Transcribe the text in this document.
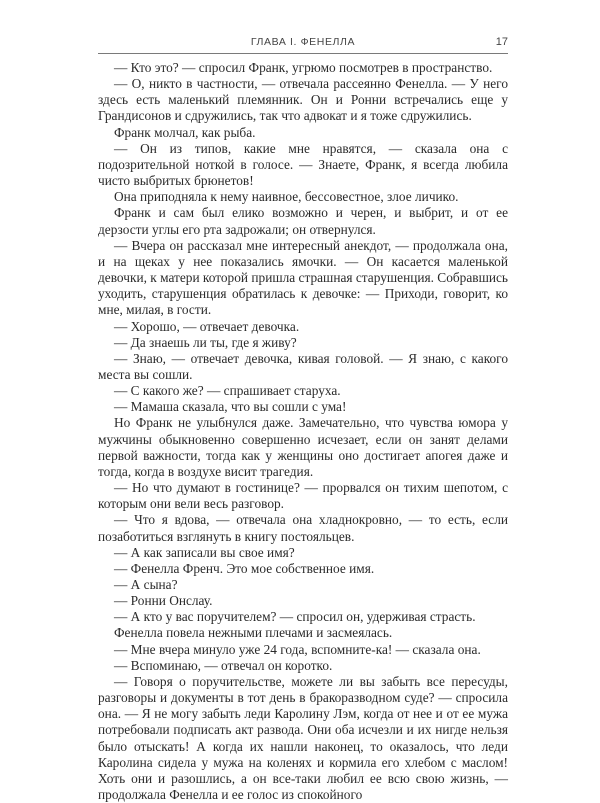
ГЛАВА I. ФЕНЕЛЛА	17

— Кто это? — спросил Франк, угрюмо посмотрев в пространство.

— О, никто в частности, — отвечала рассеянно Фенелла. — У него здесь есть маленький племянник. Он и Ронни встречались еще у Грандисонов и сдружились, так что адвокат и я тоже сдружились.

Франк молчал, как рыба.

— Он из типов, какие мне нравятся, — сказала она с подозрительной ноткой в голосе. — Знаете, Франк, я всегда любила чисто выбритых брюнетов!

Она приподняла к нему наивное, бессовестное, злое личико.

Франк и сам был елико возможно и черен, и выбрит, и от ее дерзости углы его рта задрожали; он отвернулся.

— Вчера он рассказал мне интересный анекдот, — продолжала она, и на щеках у нее показались ямочки. — Он касается маленькой девочки, к матери которой пришла страшная старушенция. Собравшись уходить, старушенция обратилась к девочке: — Приходи, говорит, ко мне, милая, в гости.

— Хорошо, — отвечает девочка.

— Да знаешь ли ты, где я живу?

— Знаю, — отвечает девочка, кивая головой. — Я знаю, с какого места вы сошли.

— С какого же? — спрашивает старуха.

— Мамаша сказала, что вы сошли с ума!

Но Франк не улыбнулся даже. Замечательно, что чувства юмора у мужчины обыкновенно совершенно исчезает, если он занят делами первой важности, тогда как у женщины оно достигает апогея даже и тогда, когда в воздухе висит трагедия.

— Но что думают в гостинице? — прорвался он тихим шепотом, с которым они вели весь разговор.

— Что я вдова, — отвечала она хладнокровно, — то есть, если позаботиться взглянуть в книгу постояльцев.

— А как записали вы свое имя?

— Фенелла Френч. Это мое собственное имя.

— А сына?

— Ронни Онслау.

— А кто у вас поручителем? — спросил он, удерживая страсть.

Фенелла повела нежными плечами и засмеялась.

— Мне вчера минуло уже 24 года, вспомните-ка! — сказала она.

— Вспоминаю, — отвечал он коротко.

— Говоря о поручительстве, можете ли вы забыть все пересуды, разговоры и документы в тот день в бракоразводном суде? — спросила она. — Я не могу забыть леди Каролину Лэм, когда от нее и от ее мужа потребовали подписать акт развода. Они оба исчезли и их нигде нельзя было отыскать! А когда их нашли наконец, то оказалось, что леди Каролина сидела у мужа на коленях и кормила его хлебом с маслом! Хоть они и разошлись, а он все-таки любил ее всю свою жизнь, — продолжала Фенелла и ее голос из спокойного
